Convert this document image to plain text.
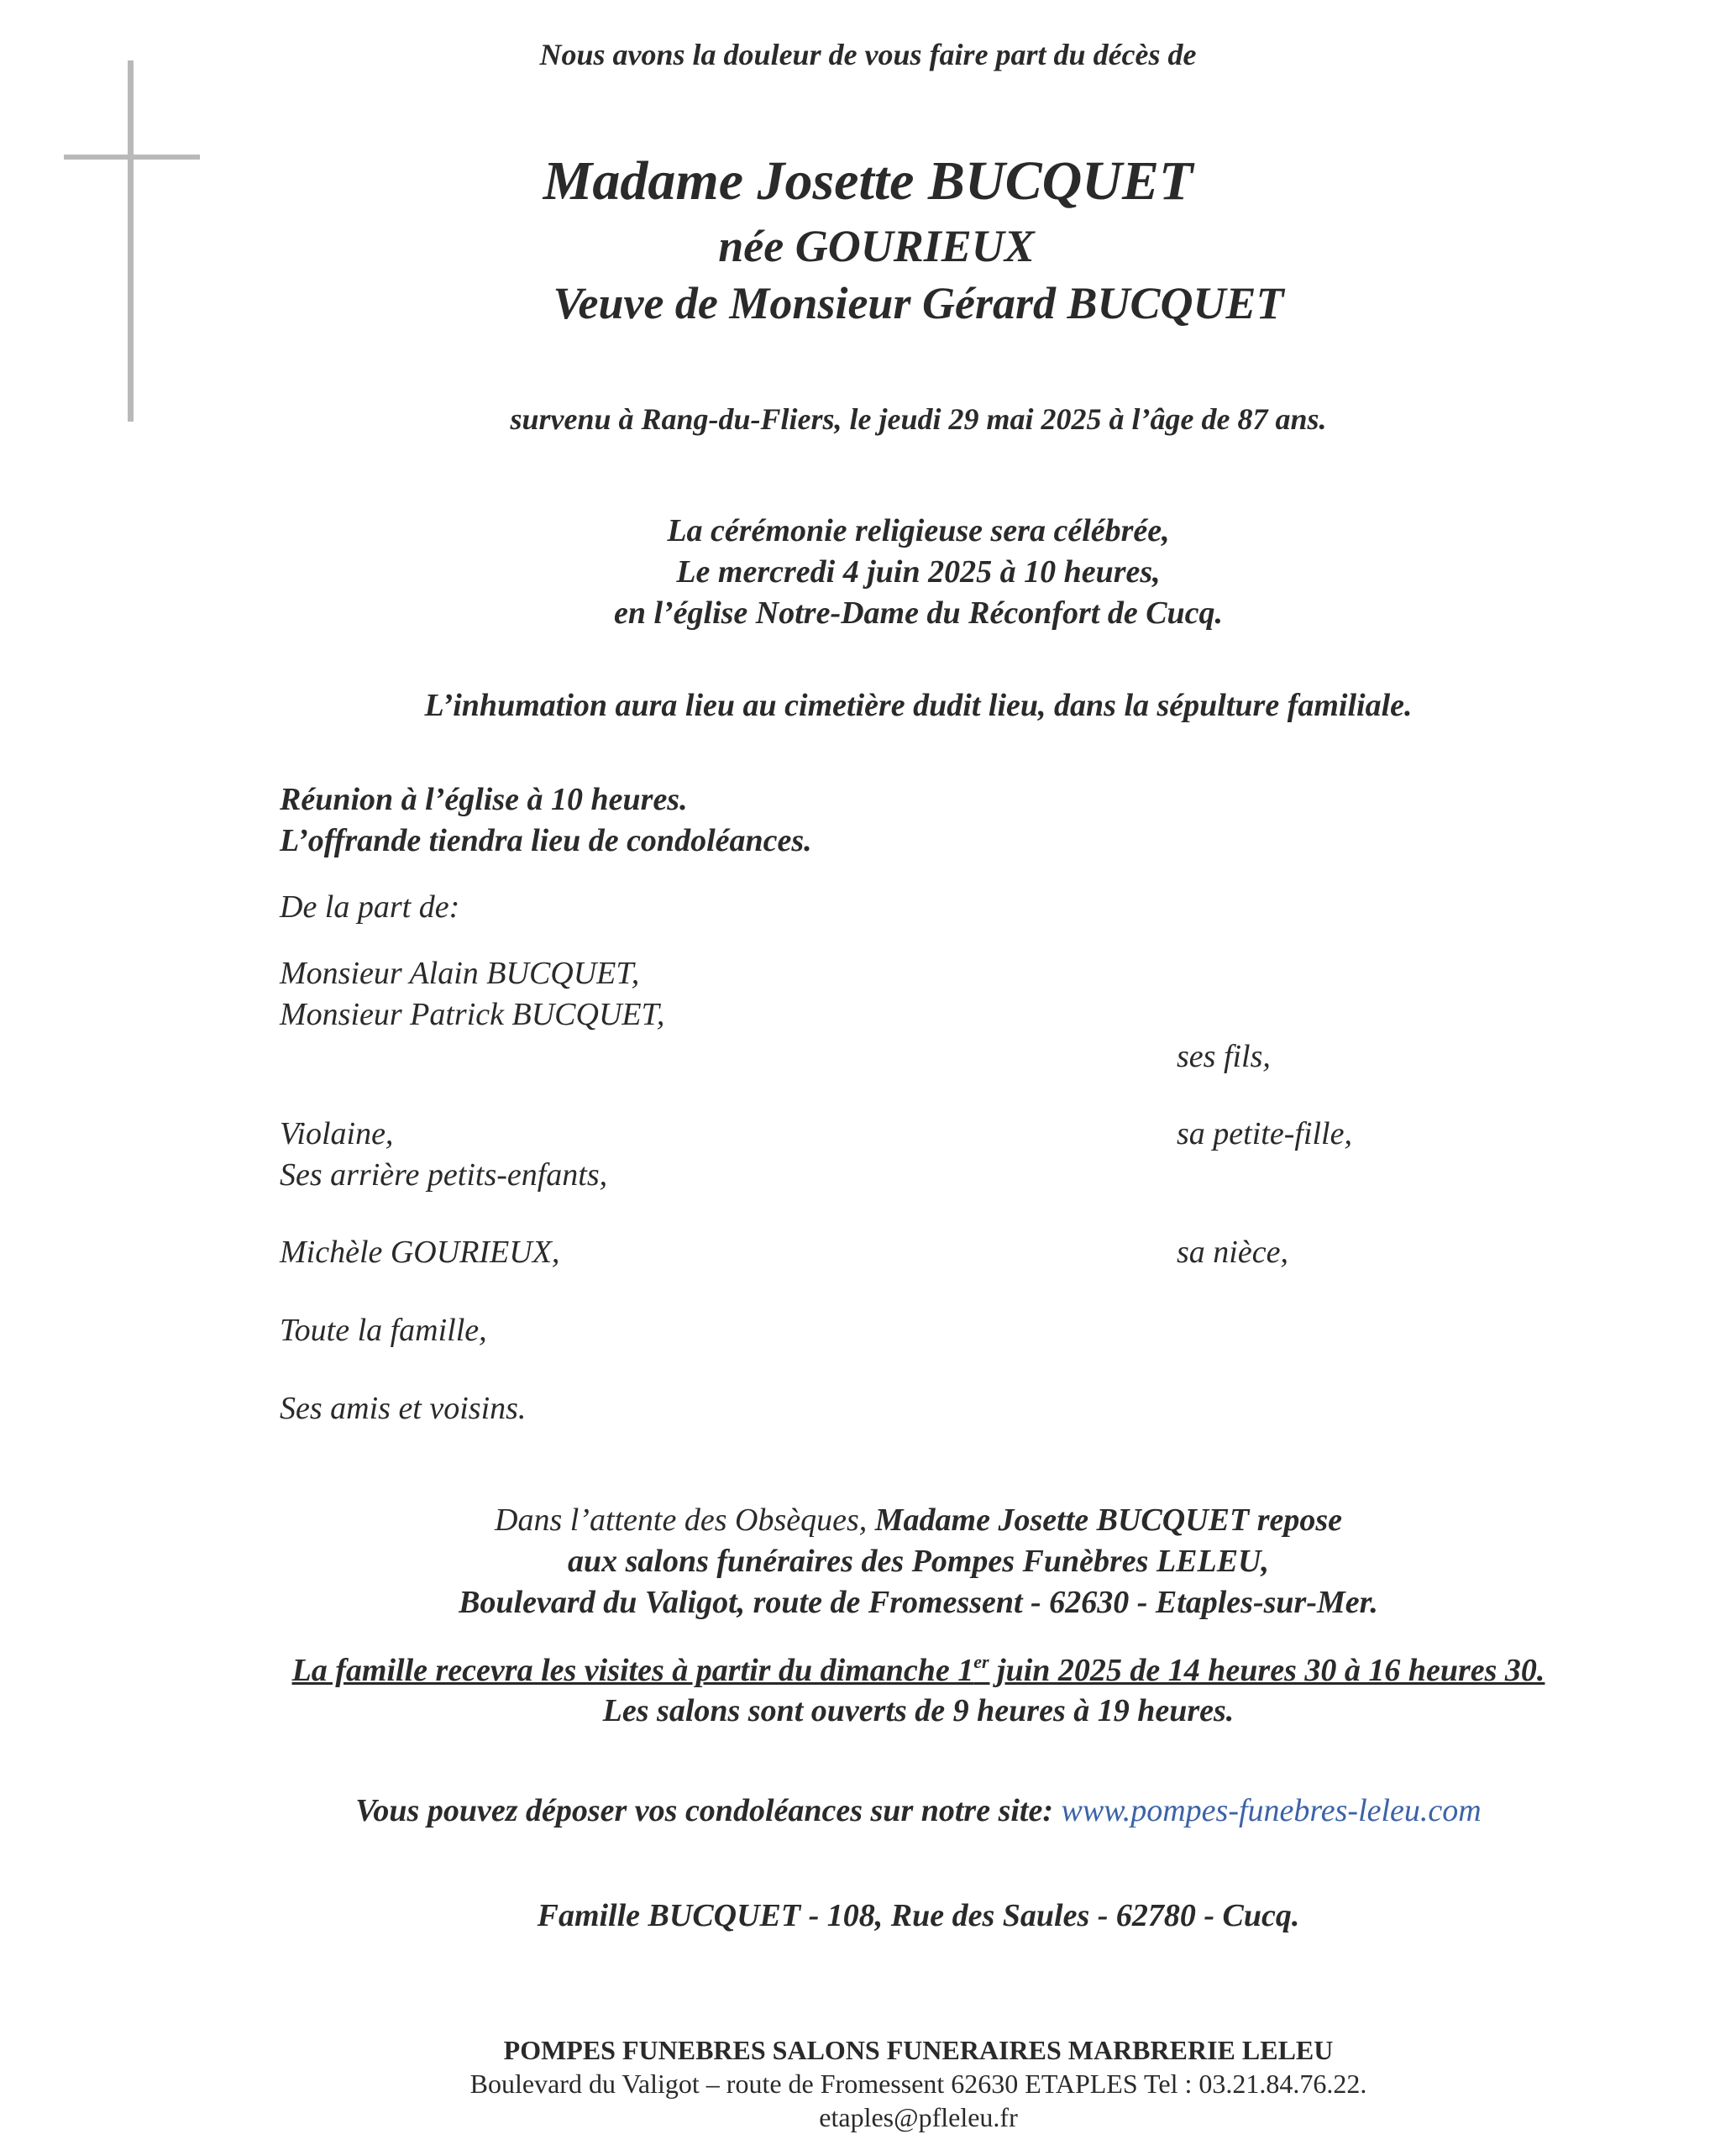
Nous avons la douleur de vous faire part du décès de
Madame Josette BUCQUET
née GOURIEUX
Veuve de Monsieur Gérard BUCQUET
survenu à Rang-du-Fliers, le jeudi 29 mai 2025 à l’âge de 87 ans.
La cérémonie religieuse sera célébrée,
Le mercredi 4 juin 2025 à 10 heures,
en l’église Notre-Dame du Réconfort de Cucq.
L’inhumation aura lieu au cimetière dudit lieu, dans la sépulture familiale.
Réunion à l’église à 10 heures.
L’offrande tiendra lieu de condoléances.
De la part de:
Monsieur Alain BUCQUET,
Monsieur Patrick BUCQUET,
ses fils,
Violaine,	sa petite-fille,
Ses arrière petits-enfants,
Michèle GOURIEUX,	sa nièce,
Toute la famille,
Ses amis et voisins.
Dans l’attente des Obsèques, Madame Josette BUCQUET repose
aux salons funéraires des Pompes Funèbres LELEU,
Boulevard du Valigot, route de Fromessent - 62630 - Etaples-sur-Mer.
La famille recevra les visites à partir du dimanche 1er juin 2025 de 14 heures 30 à 16 heures 30.
Les salons sont ouverts de 9 heures à 19 heures.
Vous pouvez déposer vos condoléances sur notre site: www.pompes-funebres-leleu.com
Famille BUCQUET - 108, Rue des Saules - 62780 - Cucq.
POMPES FUNEBRES SALONS FUNERAIRES MARBRERIE LELEU
Boulevard du Valigot – route de Fromessent 62630 ETAPLES Tel : 03.21.84.76.22.
etaples@pfleleu.fr
